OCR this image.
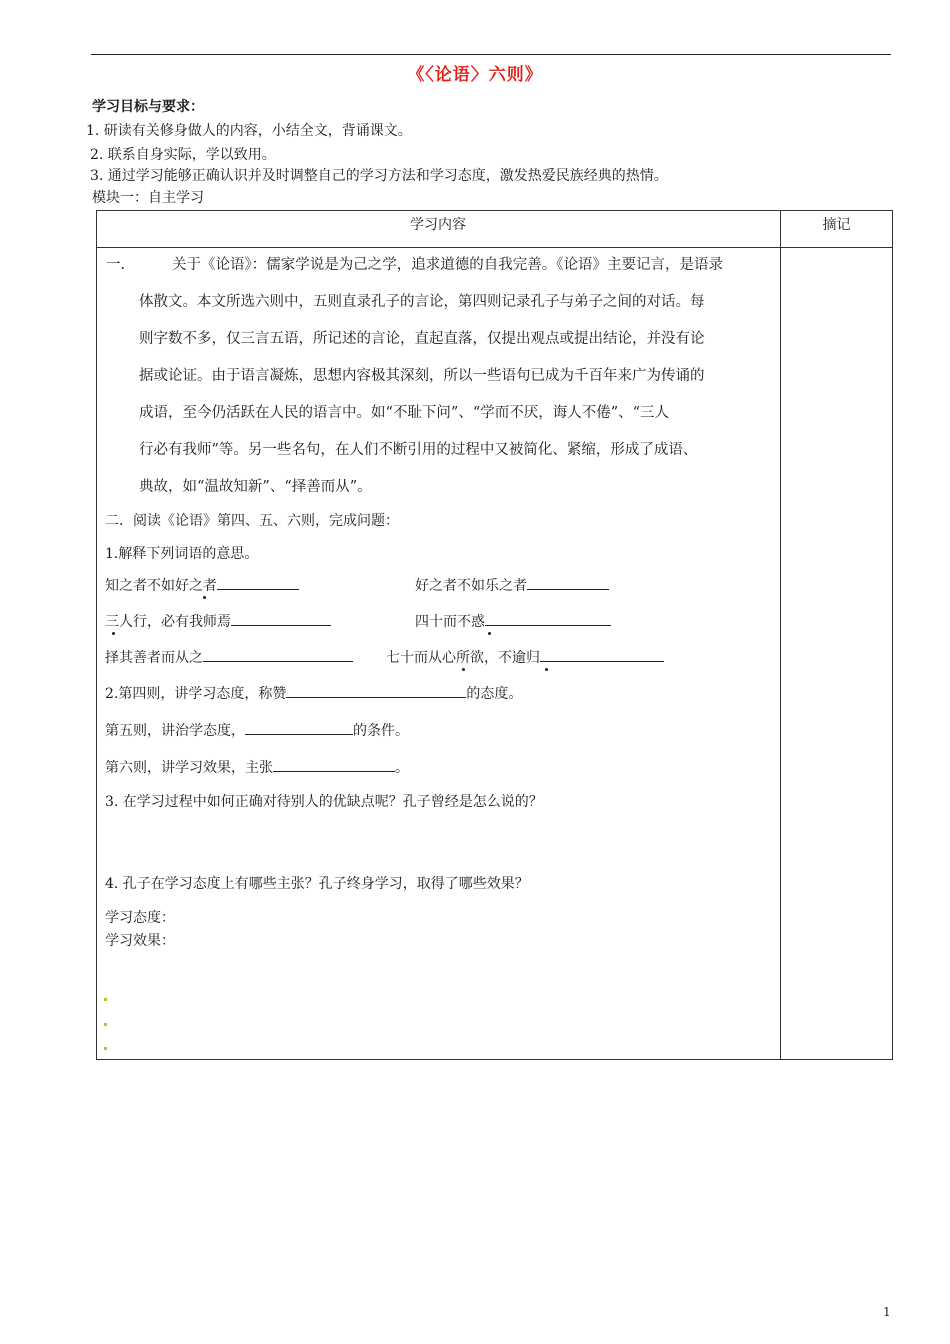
《〈论语〉六则》
学习目标与要求：
1. 研读有关修身做人的内容，小结全文，背诵课文。
2. 联系自身实际，学以致用。
3. 通过学习能够正确认识并及时调整自己的学习方法和学习态度，激发热爱民族经典的热情。
模块一：自主学习
学习内容	摘记
一.	关于《论语》：儒家学说是为己之学，追求道德的自我完善。《论语》主要记言，是语录
体散文。本文所选六则中，五则直录孔子的言论，第四则记录孔子与弟子之间的对话。每
则字数不多，仅三言五语，所记述的言论，直起直落，仅提出观点或提出结论，并没有论
据或论证。由于语言凝炼，思想内容极其深刻，所以一些语句已成为千百年来广为传诵的
成语，至今仍活跃在人民的语言中。如“不耻下问”、“学而不厌，诲人不倦”、“三人
行必有我师”等。另一些名句，在人们不断引用的过程中又被简化、紧缩，形成了成语、
典故，如“温故知新”、“择善而从”。
二．阅读《论语》第四、五、六则，完成问题：
1.解释下列词语的意思。
知之者不如好之者	好之者不如乐之者
三人行，必有我师焉	四十而不惑
择其善者而从之	七十而从心所欲，不逾归
2.第四则，讲学习态度，称赞	的态度。
第五则，讲治学态度，	的条件。
第六则，讲学习效果，主张	。
3. 在学习过程中如何正确对待别人的优缺点呢？孔子曾经是怎么说的？
4. 孔子在学习态度上有哪些主张？孔子终身学习，取得了哪些效果？
学习态度：
学习效果：
1
